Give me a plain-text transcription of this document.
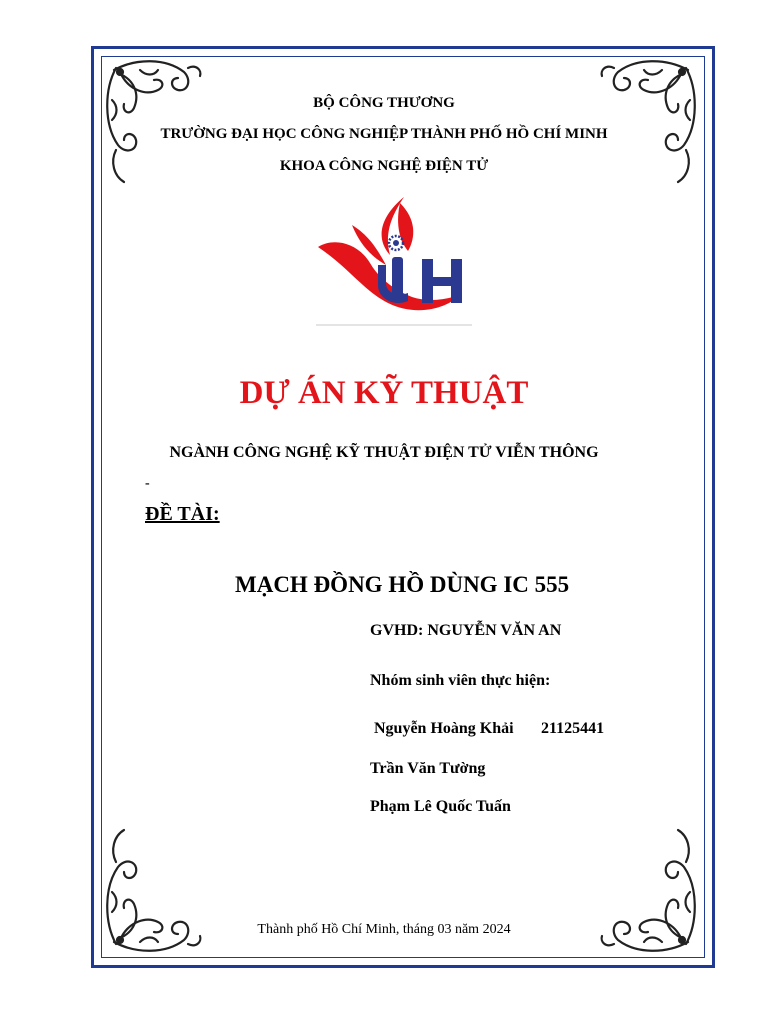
BỘ CÔNG THƯƠNG
TRƯỜNG ĐẠI HỌC CÔNG NGHIỆP THÀNH PHỐ HỒ CHÍ MINH
KHOA CÔNG NGHỆ ĐIỆN TỬ
IUH
DỰ ÁN KỸ THUẬT
NGÀNH CÔNG NGHỆ KỸ THUẬT ĐIỆN TỬ VIỄN THÔNG
-
ĐỀ TÀI:
MẠCH ĐỒNG HỒ DÙNG IC 555
GVHD: NGUYỄN VĂN AN
Nhóm sinh viên thực hiện:
Nguyễn Hoàng Khải 21125441
Trần Văn Tường
Phạm Lê Quốc Tuấn
Thành phố Hồ Chí Minh, tháng 03 năm 2024
